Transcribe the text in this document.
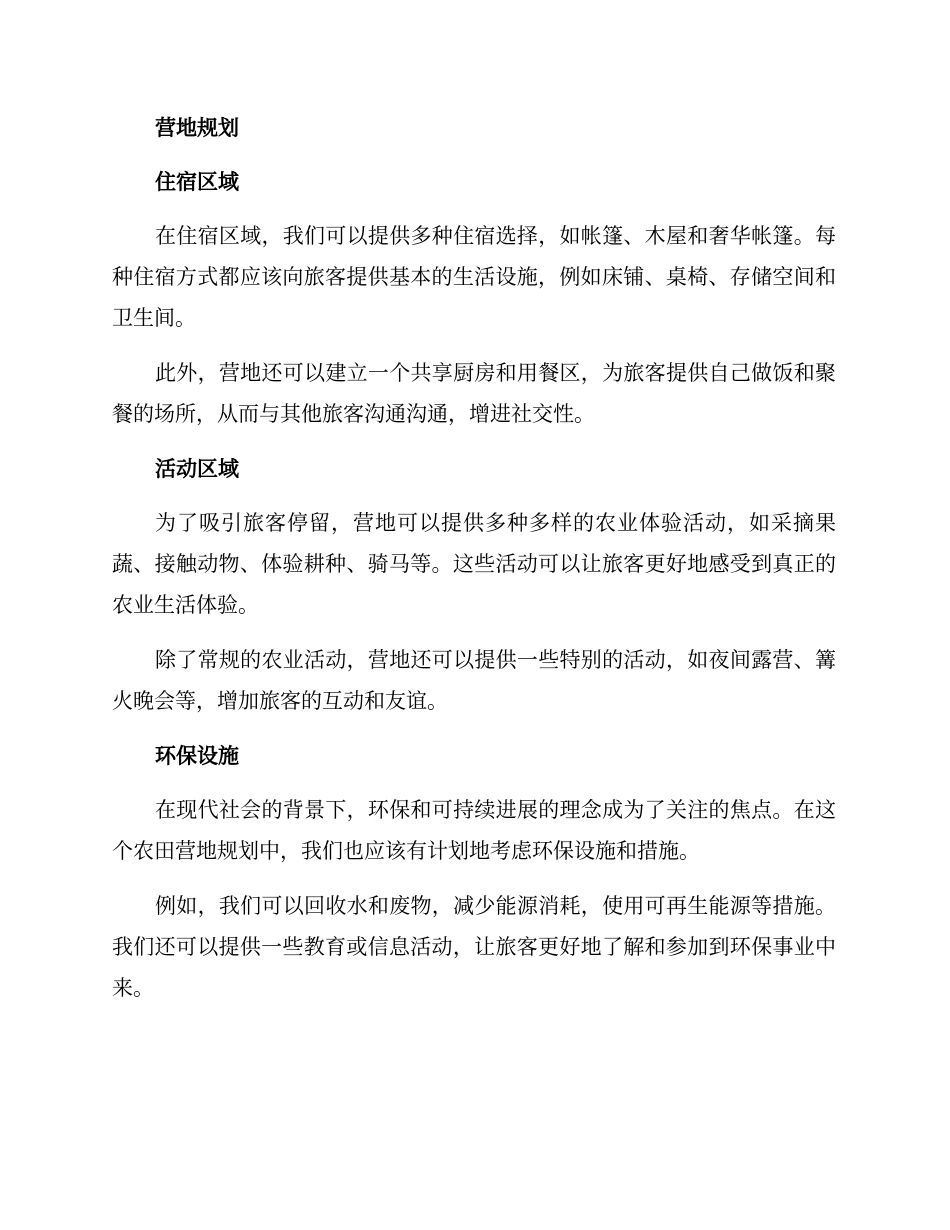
营地规划
住宿区域

在住宿区域，我们可以提供多种住宿选择，如帐篷、木屋和奢华帐篷。每种住宿方式都应该向旅客提供基本的生活设施，例如床铺、桌椅、存储空间和卫生间。

此外，营地还可以建立一个共享厨房和用餐区，为旅客提供自己做饭和聚餐的场所，从而与其他旅客沟通沟通，增进社交性。

活动区域

为了吸引旅客停留，营地可以提供多种多样的农业体验活动，如采摘果蔬、接触动物、体验耕种、骑马等。这些活动可以让旅客更好地感受到真正的农业生活体验。

除了常规的农业活动，营地还可以提供一些特别的活动，如夜间露营、篝火晚会等，增加旅客的互动和友谊。

环保设施

在现代社会的背景下，环保和可持续进展的理念成为了关注的焦点。在这个农田营地规划中，我们也应该有计划地考虑环保设施和措施。

例如，我们可以回收水和废物，减少能源消耗，使用可再生能源等措施。我们还可以提供一些教育或信息活动，让旅客更好地了解和参加到环保事业中来。
